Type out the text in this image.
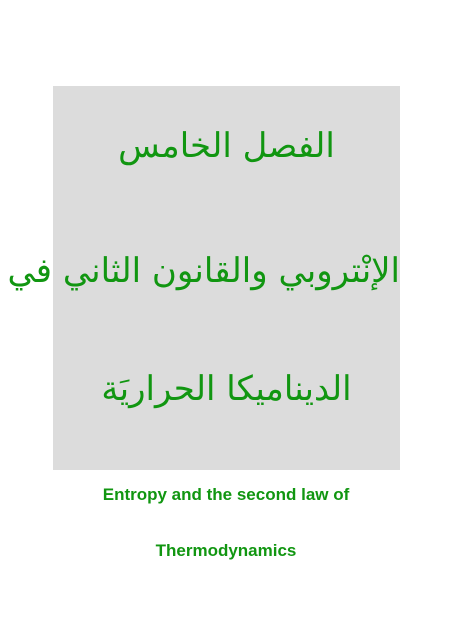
الفصل الخامس
الإنْتروبي والقانون الثاني في
الديناميكا الحراريَة
Entropy and the second law of
Thermodynamics
